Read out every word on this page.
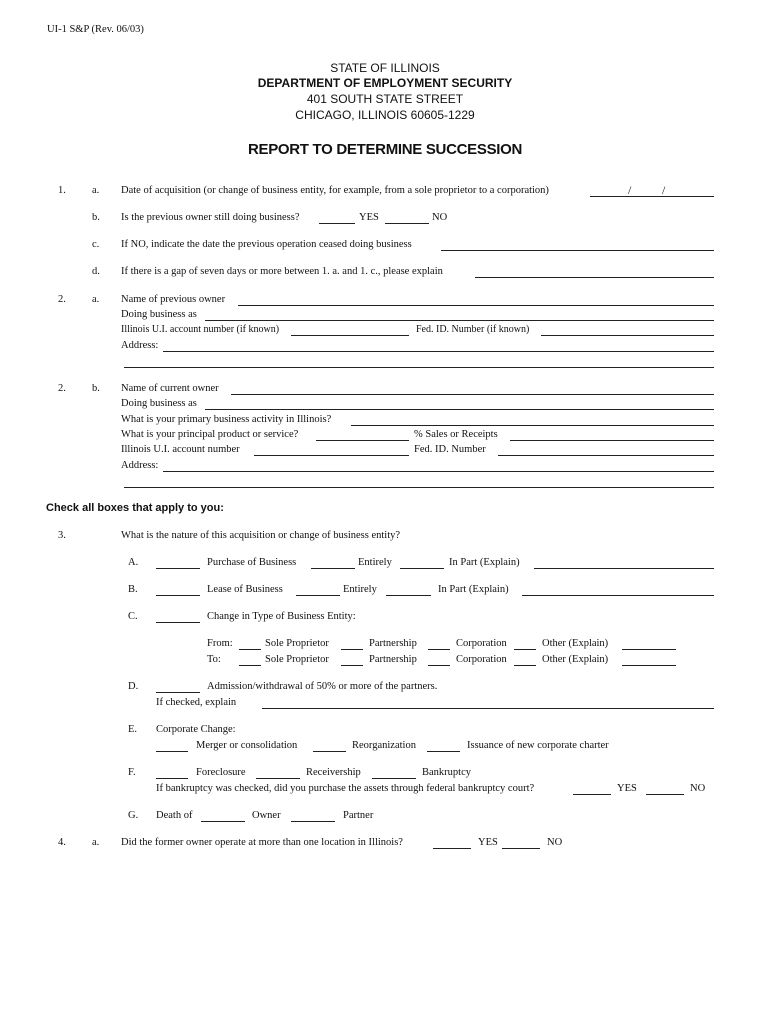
UI-1 S&P (Rev. 06/03)
STATE OF ILLINOIS
DEPARTMENT OF EMPLOYMENT SECURITY
401 SOUTH STATE STREET
CHICAGO, ILLINOIS 60605-1229
REPORT TO DETERMINE SUCCESSION
1. a. Date of acquisition (or change of business entity, for example, from a sole proprietor to a corporation)	/	/
b. Is the previous owner still doing business?	YES	NO
c. If NO, indicate the date the previous operation ceased doing business
d. If there is a gap of seven days or more between 1. a. and 1. c., please explain
2. a. Name of previous owner
Doing business as
Illinois U.I. account number (if known)	Fed. ID. Number (if known)
Address:
2. b. Name of current owner
Doing business as
What is your primary business activity in Illinois?
What is your principal product or service?	% Sales or Receipts
Illinois U.I. account number	Fed. ID. Number
Address:
Check all boxes that apply to you:
3.	What is the nature of this acquisition or change of business entity?
A.	Purchase of Business	Entirely	In Part (Explain)
B.	Lease of Business	Entirely	In Part (Explain)
C.	Change in Type of Business Entity:
From:	Sole Proprietor	Partnership	Corporation	Other (Explain)
To:	Sole Proprietor	Partnership	Corporation	Other (Explain)
D.	Admission/withdrawal of 50% or more of the partners.
If checked, explain
E. Corporate Change:
Merger or consolidation	Reorganization	Issuance of new corporate charter
F.	Foreclosure	Receivership	Bankruptcy
If bankruptcy was checked, did you purchase the assets through federal bankruptcy court?	YES	NO
G. Death of	Owner	Partner
4. a. Did the former owner operate at more than one location in Illinois?	YES	NO
